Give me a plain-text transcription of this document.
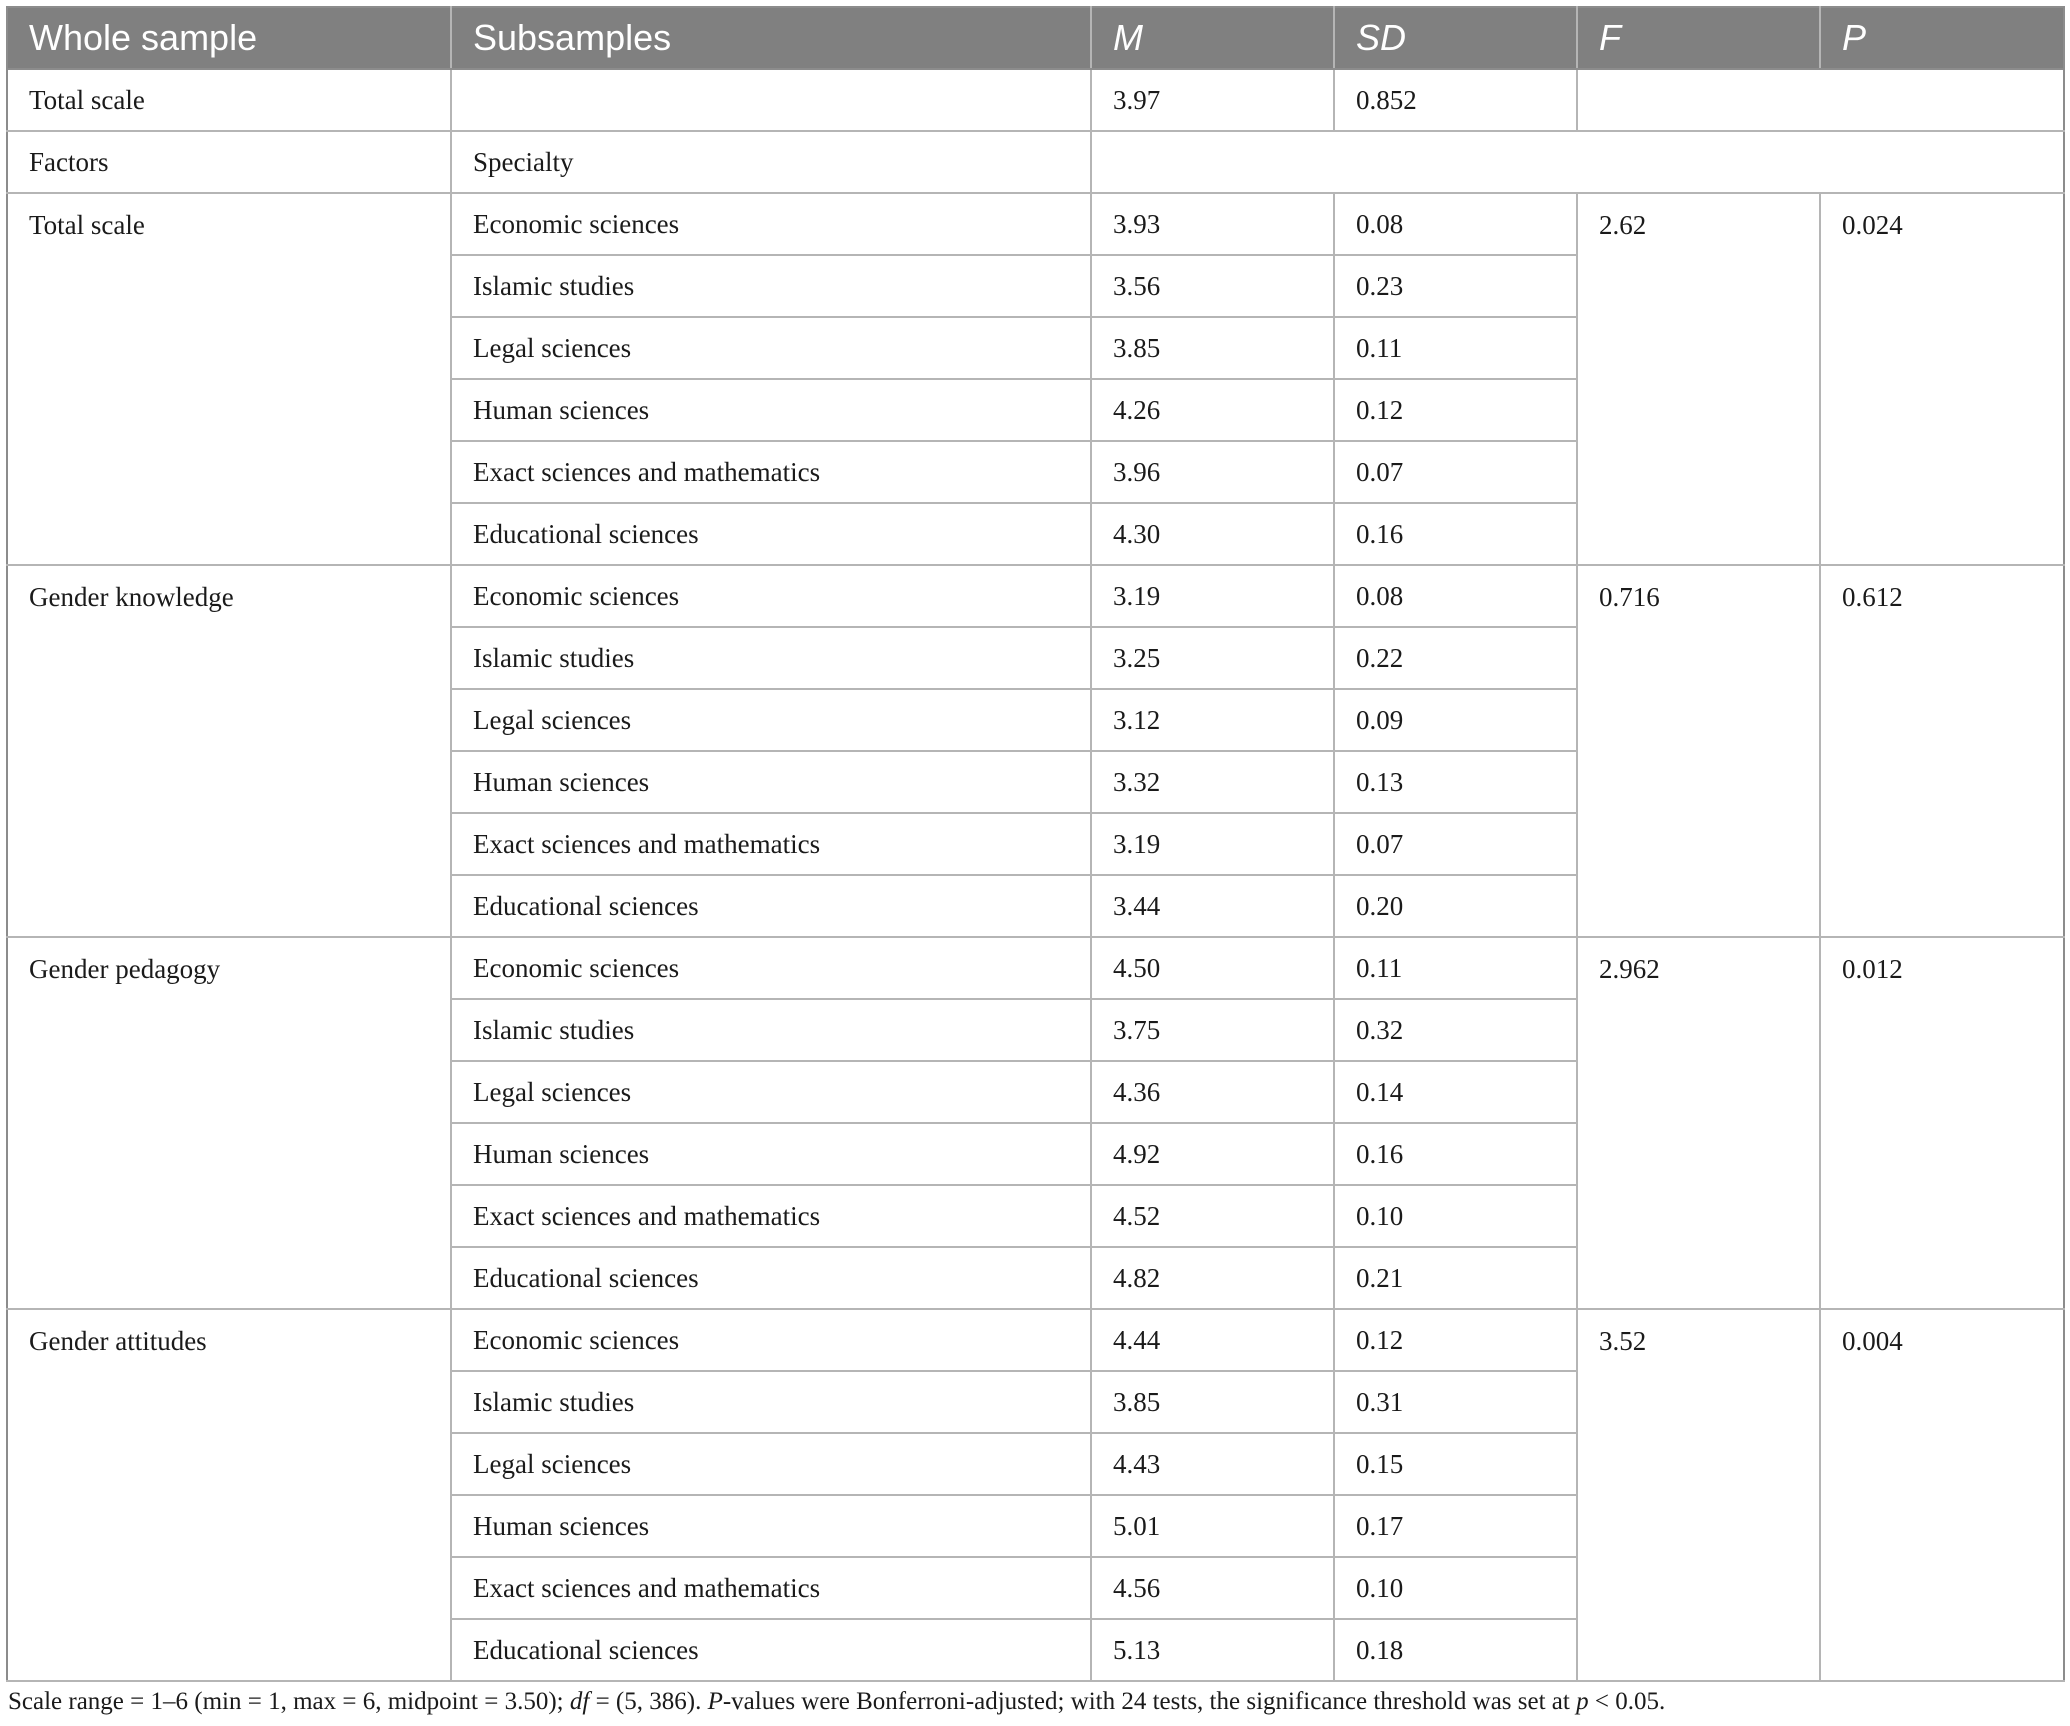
Whole sample	Subsamples	M	SD	F	P
Total scale		3.97	0.852		
Factors	Specialty				
Total scale	Economic sciences	3.93	0.08	2.62	0.024
	Islamic studies	3.56	0.23		
	Legal sciences	3.85	0.11		
	Human sciences	4.26	0.12		
	Exact sciences and mathematics	3.96	0.07		
	Educational sciences	4.30	0.16		
Gender knowledge	Economic sciences	3.19	0.08	0.716	0.612
	Islamic studies	3.25	0.22		
	Legal sciences	3.12	0.09		
	Human sciences	3.32	0.13		
	Exact sciences and mathematics	3.19	0.07		
	Educational sciences	3.44	0.20		
Gender pedagogy	Economic sciences	4.50	0.11	2.962	0.012
	Islamic studies	3.75	0.32		
	Legal sciences	4.36	0.14		
	Human sciences	4.92	0.16		
	Exact sciences and mathematics	4.52	0.10		
	Educational sciences	4.82	0.21		
Gender attitudes	Economic sciences	4.44	0.12	3.52	0.004
	Islamic studies	3.85	0.31		
	Legal sciences	4.43	0.15		
	Human sciences	5.01	0.17		
	Exact sciences and mathematics	4.56	0.10		
	Educational sciences	5.13	0.18		
Scale range = 1–6 (min = 1, max = 6, midpoint = 3.50); df = (5, 386). P-values were Bonferroni-adjusted; with 24 tests, the significance threshold was set at p < 0.05.
